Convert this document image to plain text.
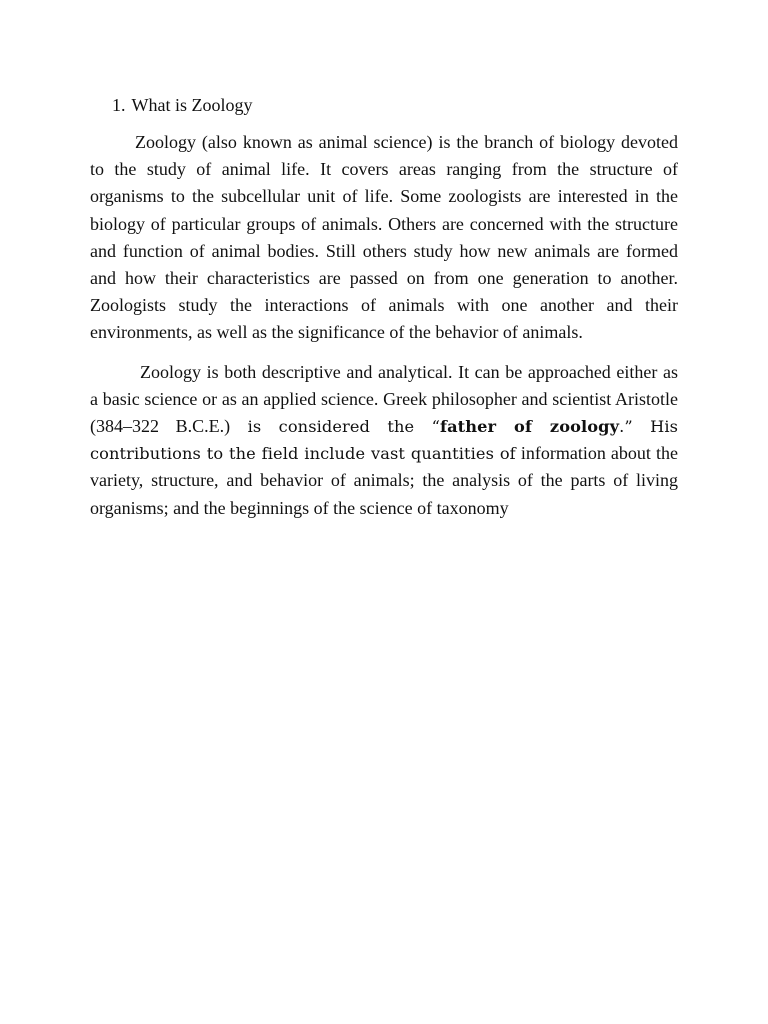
1. What is Zoology

Zoology (also known as animal science) is the branch of biology devoted to the study of animal life. It covers areas ranging from the structure of organisms to the subcellular unit of life. Some zoologists are interested in the biology of particular groups of animals. Others are concerned with the structure and function of animal bodies. Still others study how new animals are formed and how their characteristics are passed on from one generation to another. Zoologists study the interactions of animals with one another and their environments, as well as the significance of the behavior of animals.

Zoology is both descriptive and analytical. It can be approached either as a basic science or as an applied science. Greek philosopher and scientist Aristotle (384–322 B.C.E.) is considered the “father of zoology.” His contributions to the field include vast quantities of information about the variety, structure, and behavior of animals; the analysis of the parts of living organisms; and the beginnings of the science of taxonomy
